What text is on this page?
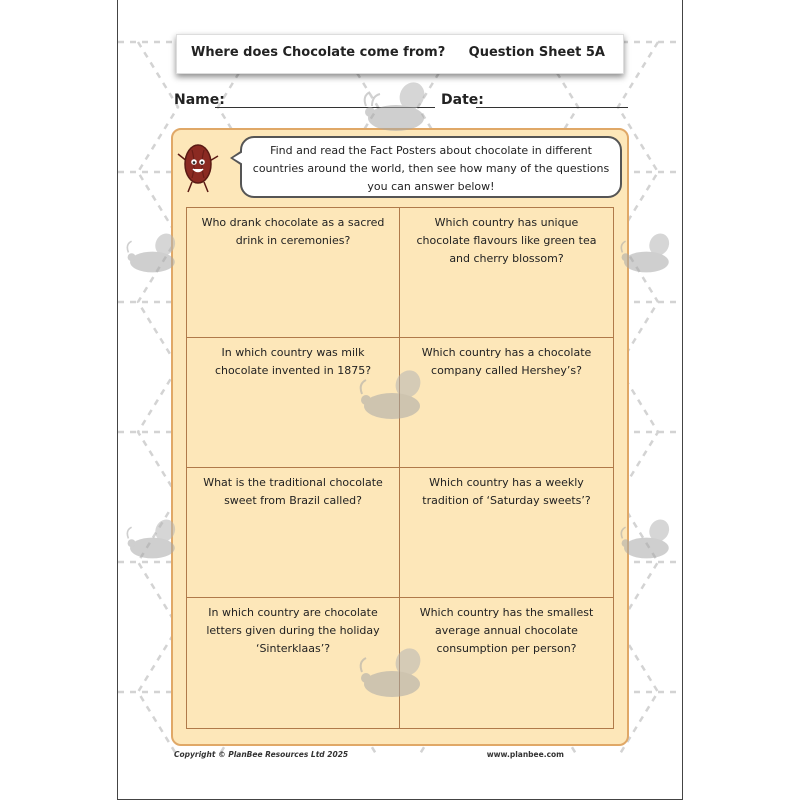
Where does Chocolate come from? Question Sheet 5A
Name:	Date:
Find and read the Fact Posters about chocolate in different countries around the world, then see how many of the questions you can answer below!
Who drank chocolate as a sacred drink in ceremonies?
Which country has unique chocolate flavours like green tea and cherry blossom?
In which country was milk chocolate invented in 1875?
Which country has a chocolate company called Hershey’s?
What is the traditional chocolate sweet from Brazil called?
Which country has a weekly tradition of ‘Saturday sweets’?
In which country are chocolate letters given during the holiday ‘Sinterklaas’?
Which country has the smallest average annual chocolate consumption per person?
Copyright © PlanBee Resources Ltd 2025	www.planbee.com
